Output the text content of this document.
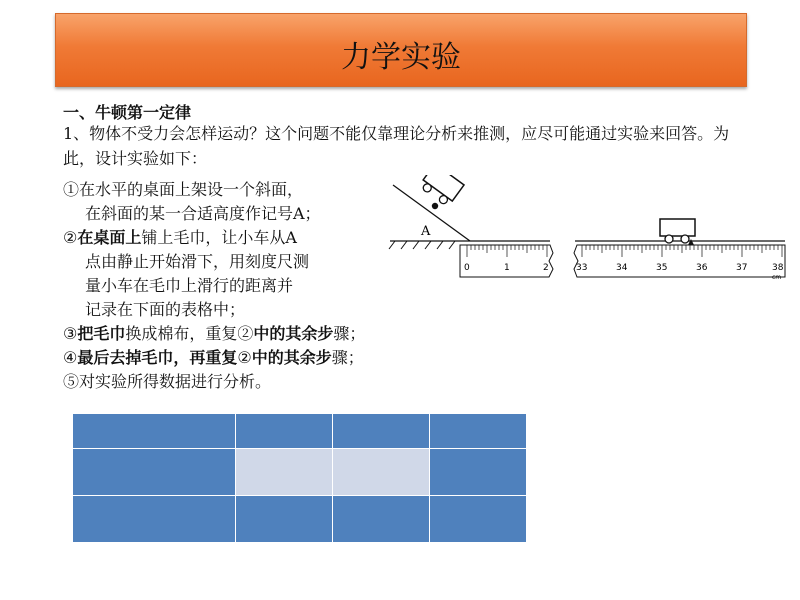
力学实验
一、牛顿第一定律
1、物体不受力会怎样运动？这个问题不能仅靠理论分析来推测，应尽可能通过实验来回答。为此，设计实验如下：
①在水平的桌面上架设一个斜面，
在斜面的某一合适高度作记号A；
②在桌面上铺上毛巾，让小车从A
点由静止开始滑下，用刻度尺测
量小车在毛巾上滑行的距离并
记录在下面的表格中；
③把毛巾换成棉布，重复②中的其余步骤；
④最后去掉毛巾，再重复②中的其余步骤；
⑤对实验所得数据进行分析。
A
0	1	2	33	34	35	36	37	38
cm
